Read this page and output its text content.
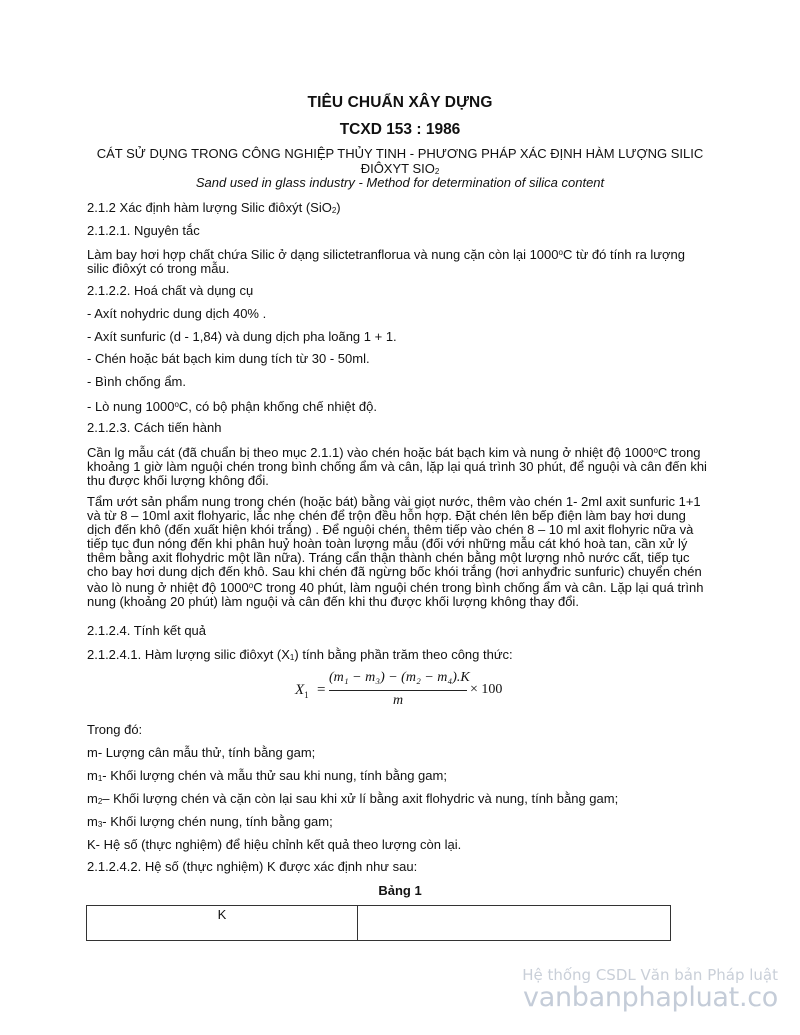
TIÊU CHUẨN XÂY DỰNG
TCXD 153 : 1986
CÁT SỬ DỤNG TRONG CÔNG NGHIỆP THỦY TINH - PHƯƠNG PHÁP XÁC ĐỊNH HÀM LƯỢNG SILIC
ĐIÔXYT $SIO_2$
Sand used in glass industry - Method for determination of silica content

2.1.2 Xác định hàm lượng Silic điôxýt (SiO$_2$)

2.1.2.1. Nguyên tắc

Làm bay hơi hợp chất chứa Silic ở dạng silictetranflorua và nung cặn còn lại 1000$^o$C từ đó tính ra lượng silic điôxýt có trong mẫu.

2.1.2.2. Hoá chất và dụng cụ

- Axít nohydric dung dịch 40% .

- Axít sunfuric (d - 1,84) và dung dịch pha loãng 1 + 1.

- Chén hoặc bát bạch kim dung tích từ 30 - 50ml.

- Bình chống ẩm.

- Lò nung 1000$^o$C, có bộ phận khống chế nhiệt độ.

2.1.2.3. Cách tiến hành

Cần lg mẫu cát (đã chuẩn bị theo mục 2.1.1) vào chén hoặc bát bạch kim và nung ở nhiệt độ 1000$^o$C trong khoảng 1 giờ làm nguội chén trong bình chống ẩm và cân, lặp lại quá trình 30 phút, để nguội và cân đến khi thu được khối lượng không đổi.

Tẩm ướt sản phẩm nung trong chén (hoặc bát) bằng vài giọt nước, thêm vào chén 1- 2ml axit sunfuric 1+1 và từ 8 – 10ml axit flohyaric, lắc nhẹ chén để trộn đều hỗn hợp. Đặt chén lên bếp điện làm bay hơi dung dịch đến khô (đến xuất hiện khói trắng) . Để nguội chén, thêm tiếp vào chén 8 – 10 ml axit flohyric nữa và tiếp tục đun nóng đến khi phân huỷ hoàn toàn lượng mẫu (đối với những mẫu cát khó hoà tan, cần xử lý thêm bằng axit flohydric một lần nữa). Tráng cẩn thận thành chén bằng một lượng nhỏ nước cất, tiếp tục cho bay hơi dung dịch đến khô. Sau khi chén đã ngừng bốc khói trắng (hơi anhyđric sunfuric) chuyển chén vào lò nung ở nhiệt độ 1000$^o$C trong 40 phút, làm nguội chén trong bình chống ẩm và cân. Lặp lại quá trình nung (khoảng 20 phút) làm nguội và cân đến khi thu được khối lượng không thay đổi.

2.1.2.4. Tính kết quả

2.1.2.4.1. Hàm lượng silic điôxyt $(X_1)$ tính bằng phần trăm theo công thức:

$X_1$ =
(m₁ − m₃) − (m₂ − m₄).K
m
× 100

Trong đó:

m- Lượng cân mẫu thử, tính bằng gam;

$m_1-$ Khối lượng chén và mẫu thử sau khi nung, tính bằng gam;

$m_2-$ Khối lượng chén và cặn còn lại sau khi xử lí bằng axit flohydric và nung, tính bằng gam;

$m_3-$ Khối lượng chén nung, tính bằng gam;

K- Hệ số (thực nghiệm) để hiệu chỉnh kết quả theo lượng còn lại.

2.1.2.4.2. Hệ số (thực nghiệm) K được xác định như sau:

Bảng 1
K	
Hệ thống CSDL Văn bản Pháp luật
vanbanphapluat.co
